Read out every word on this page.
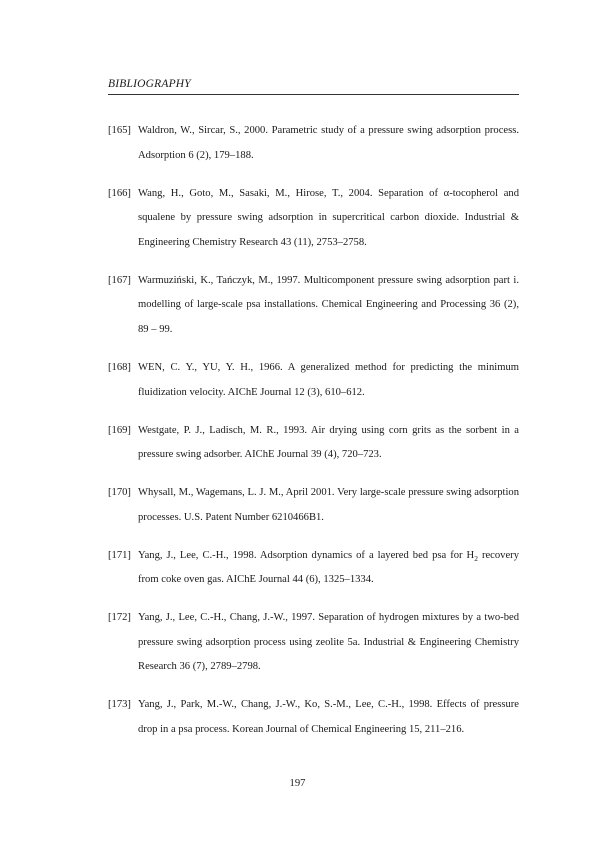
BIBLIOGRAPHY
[165] Waldron, W., Sircar, S., 2000. Parametric study of a pressure swing adsorption process. Adsorption 6 (2), 179–188.
[166] Wang, H., Goto, M., Sasaki, M., Hirose, T., 2004. Separation of α-tocopherol and squalene by pressure swing adsorption in supercritical carbon dioxide. Industrial & Engineering Chemistry Research 43 (11), 2753–2758.
[167] Warmuziński, K., Tańczyk, M., 1997. Multicomponent pressure swing adsorption part i. modelling of large-scale psa installations. Chemical Engineering and Processing 36 (2), 89 – 99.
[168] WEN, C. Y., YU, Y. H., 1966. A generalized method for predicting the minimum fluidization velocity. AIChE Journal 12 (3), 610–612.
[169] Westgate, P. J., Ladisch, M. R., 1993. Air drying using corn grits as the sorbent in a pressure swing adsorber. AIChE Journal 39 (4), 720–723.
[170] Whysall, M., Wagemans, L. J. M., April 2001. Very large-scale pressure swing adsorption processes. U.S. Patent Number 6210466B1.
[171] Yang, J., Lee, C.-H., 1998. Adsorption dynamics of a layered bed psa for $H_2$ recovery from coke oven gas. AIChE Journal 44 (6), 1325–1334.
[172] Yang, J., Lee, C.-H., Chang, J.-W., 1997. Separation of hydrogen mixtures by a two-bed pressure swing adsorption process using zeolite 5a. Industrial & Engineering Chemistry Research 36 (7), 2789–2798.
[173] Yang, J., Park, M.-W., Chang, J.-W., Ko, S.-M., Lee, C.-H., 1998. Effects of pressure drop in a psa process. Korean Journal of Chemical Engineering 15, 211–216.
197
